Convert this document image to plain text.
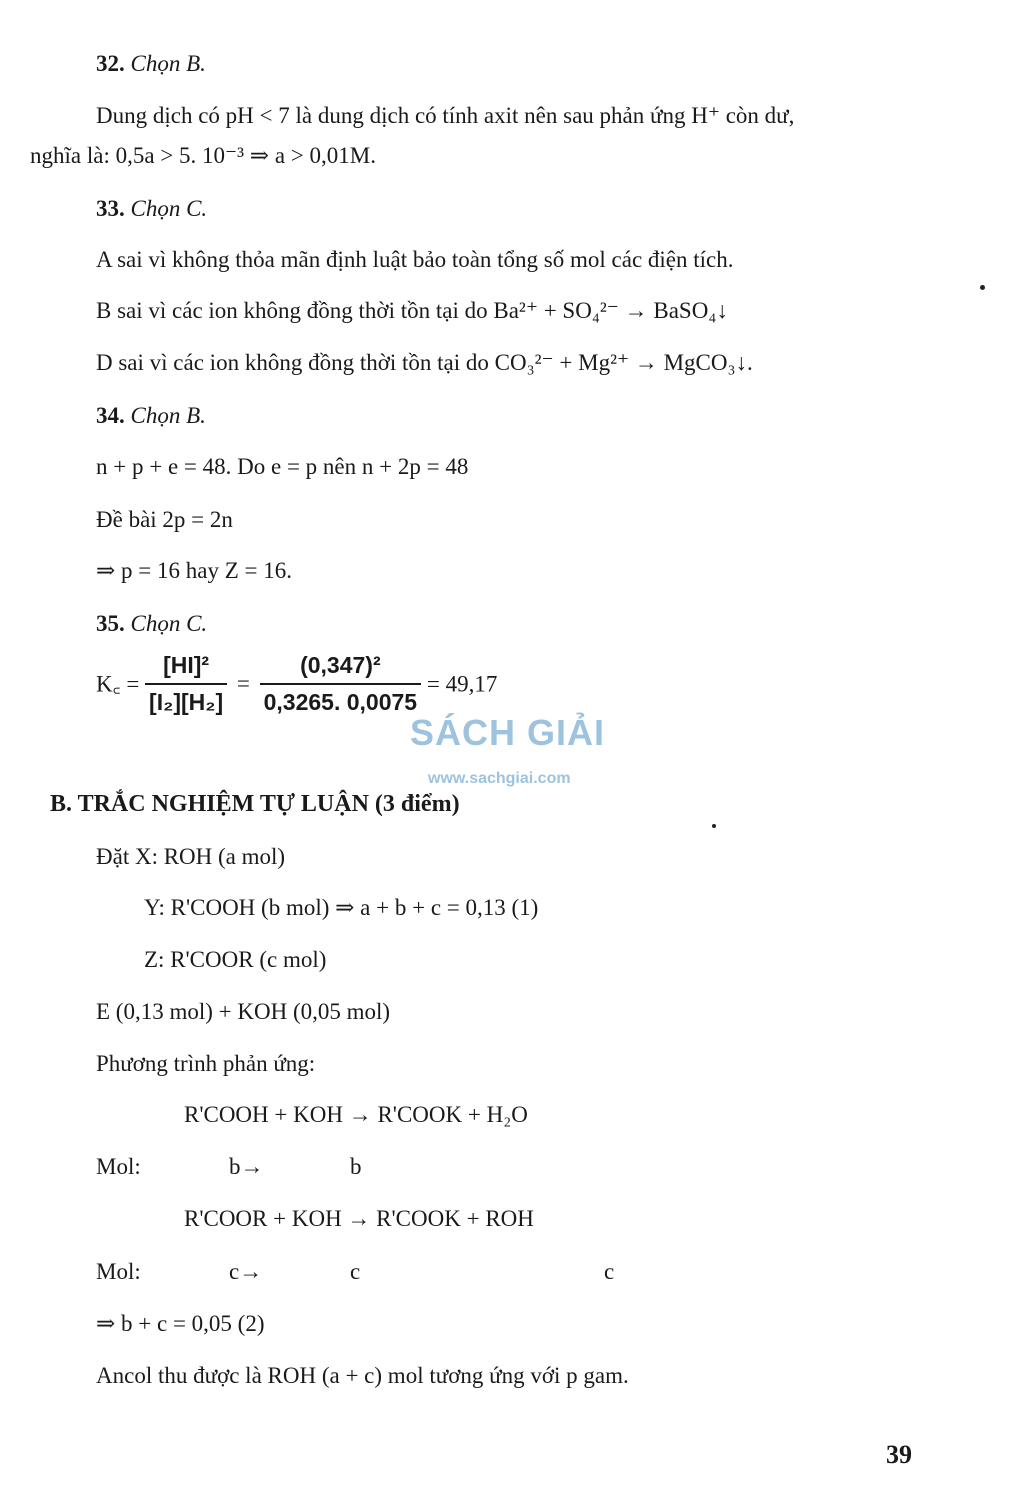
32. Chọn B.
Dung dịch có pH < 7 là dung dịch có tính axit nên sau phản ứng H⁺ còn dư,
nghĩa là: 0,5a > 5. 10⁻³ ⇒ a > 0,01M.
33. Chọn C.
A sai vì không thỏa mãn định luật bảo toàn tổng số mol các điện tích.
B sai vì các ion không đồng thời tồn tại do Ba²⁺ + SO₄²⁻ → BaSO₄↓
D sai vì các ion không đồng thời tồn tại do CO₃²⁻ + Mg²⁺ → MgCO₃↓.
34. Chọn B.
n + p + e = 48. Do e = p nên n + 2p = 48
Đề bài 2p = 2n
⇒ p = 16 hay Z = 16.
35. Chọn C.
K꜀ = $\frac{\text{[HI]²}}{\text{[I₂][H₂]}} = \frac{\text{(0,347)²}}{0,3265. 0,0075} = 49,17$
SÁCH GIẢI
www.sachgiai.com
B. TRẮC NGHIỆM TỰ LUẬN (3 điểm)
Đặt X: ROH (a mol)
Y: R'COOH (b mol) ⇒ a + b + c = 0,13 (1)
Z: R'COOR (c mol)
E (0,13 mol) + KOH (0,05 mol)
Phương trình phản ứng:
R'COOH + KOH → R'COOK + H₂O
Mol:	b→	b
R'COOR + KOH → R'COOK + ROH
Mol:	c→	c	c
⇒ b + c = 0,05 (2)
Ancol thu được là ROH (a + c) mol tương ứng với p gam.
39
